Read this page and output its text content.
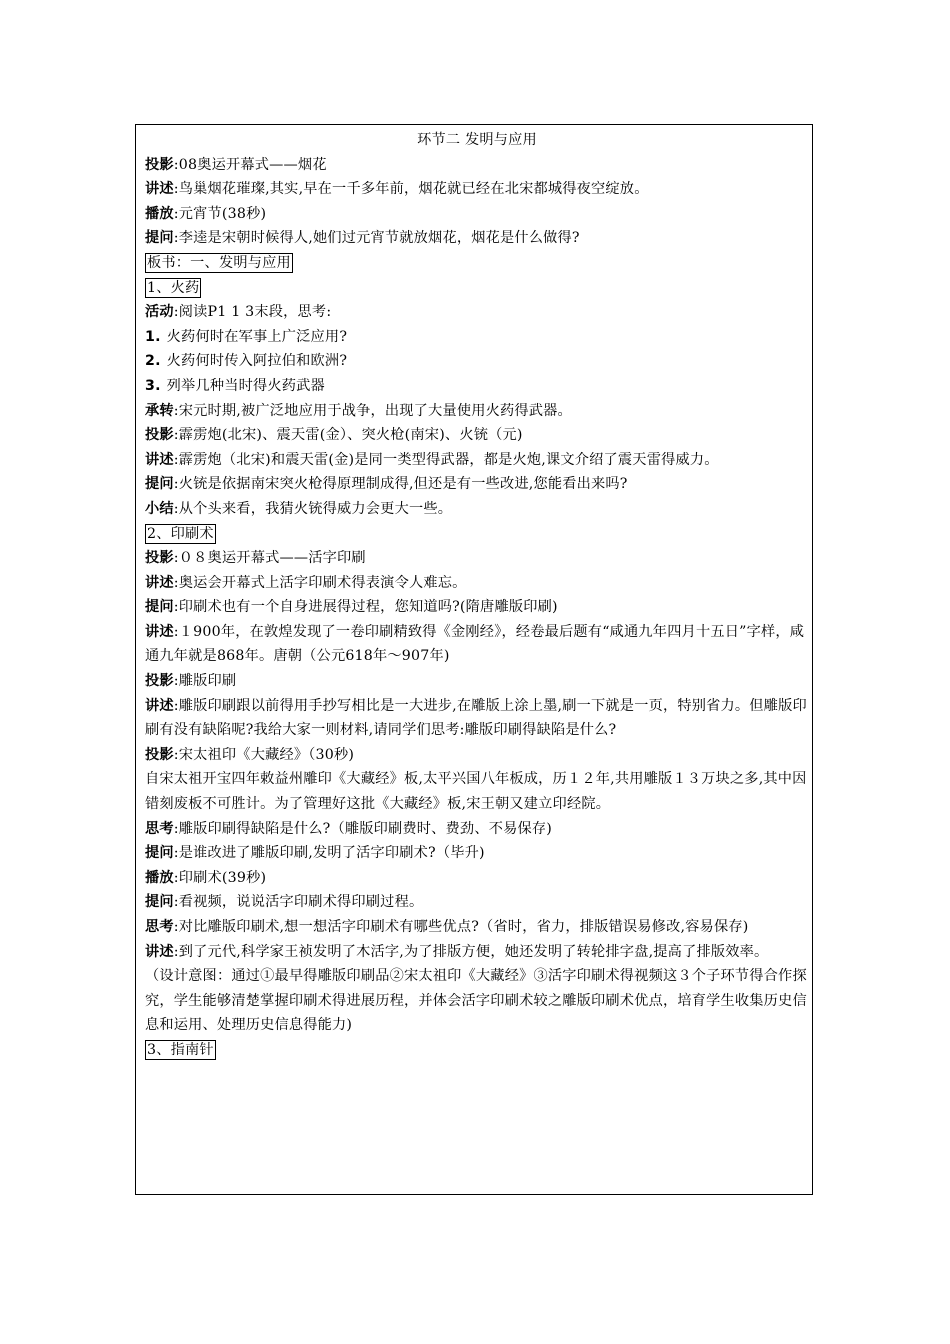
环节二 发明与应用
投影:08奥运开幕式——烟花
讲述:鸟巢烟花璀璨,其实,早在一千多年前，烟花就已经在北宋都城得夜空绽放。
播放:元宵节(38秒)
提问:李逵是宋朝时候得人,她们过元宵节就放烟花，烟花是什么做得?
板书：一、发明与应用
1、火药
活动:阅读P1 1 3末段，思考:
1. 火药何时在军事上广泛应用?
2. 火药何时传入阿拉伯和欧洲?
3. 列举几种当时得火药武器
承转:宋元时期,被广泛地应用于战争，出现了大量使用火药得武器。
投影:霹雳炮(北宋)、震天雷(金）、突火枪(南宋)、火铳（元)
讲述:霹雳炮（北宋)和震天雷(金)是同一类型得武器，都是火炮,课文介绍了震天雷得威力。
提问:火铳是依据南宋突火枪得原理制成得,但还是有一些改进,您能看出来吗?
小结:从个头来看，我猜火铳得威力会更大一些。
2、印刷术
投影:０８奥运开幕式——活字印刷
讲述:奥运会开幕式上活字印刷术得表演令人难忘。
提问:印刷术也有一个自身进展得过程，您知道吗?(隋唐雕版印刷)
讲述:１900年，在敦煌发现了一卷印刷精致得《金刚经》，经卷最后题有“咸通九年四月十五日”字样，咸通九年就是868年。唐朝（公元618年～907年)
投影:雕版印刷
讲述:雕版印刷跟以前得用手抄写相比是一大进步,在雕版上涂上墨,刷一下就是一页，特别省力。但雕版印刷有没有缺陷呢?我给大家一则材料,请同学们思考:雕版印刷得缺陷是什么?
投影:宋太祖印《大藏经》（30秒)
自宋太祖开宝四年敕益州雕印《大藏经》板,太平兴国八年板成，历１２年,共用雕版１３万块之多,其中因错刻废板不可胜计。为了管理好这批《大藏经》板,宋王朝又建立印经院。
思考:雕版印刷得缺陷是什么?（雕版印刷费时、费劲、不易保存)
提问:是谁改进了雕版印刷,发明了活字印刷术?（毕升)
播放:印刷术(39秒)
提问:看视频，说说活字印刷术得印刷过程。
思考:对比雕版印刷术,想一想活字印刷术有哪些优点?（省时，省力，排版错误易修改,容易保存)
讲述:到了元代,科学家王祯发明了木活字,为了排版方便，她还发明了转轮排字盘,提高了排版效率。
（设计意图：通过①最早得雕版印刷品②宋太祖印《大藏经》③活字印刷术得视频这３个子环节得合作探究，学生能够清楚掌握印刷术得进展历程，并体会活字印刷术较之雕版印刷术优点，培育学生收集历史信息和运用、处理历史信息得能力)
3、指南针
